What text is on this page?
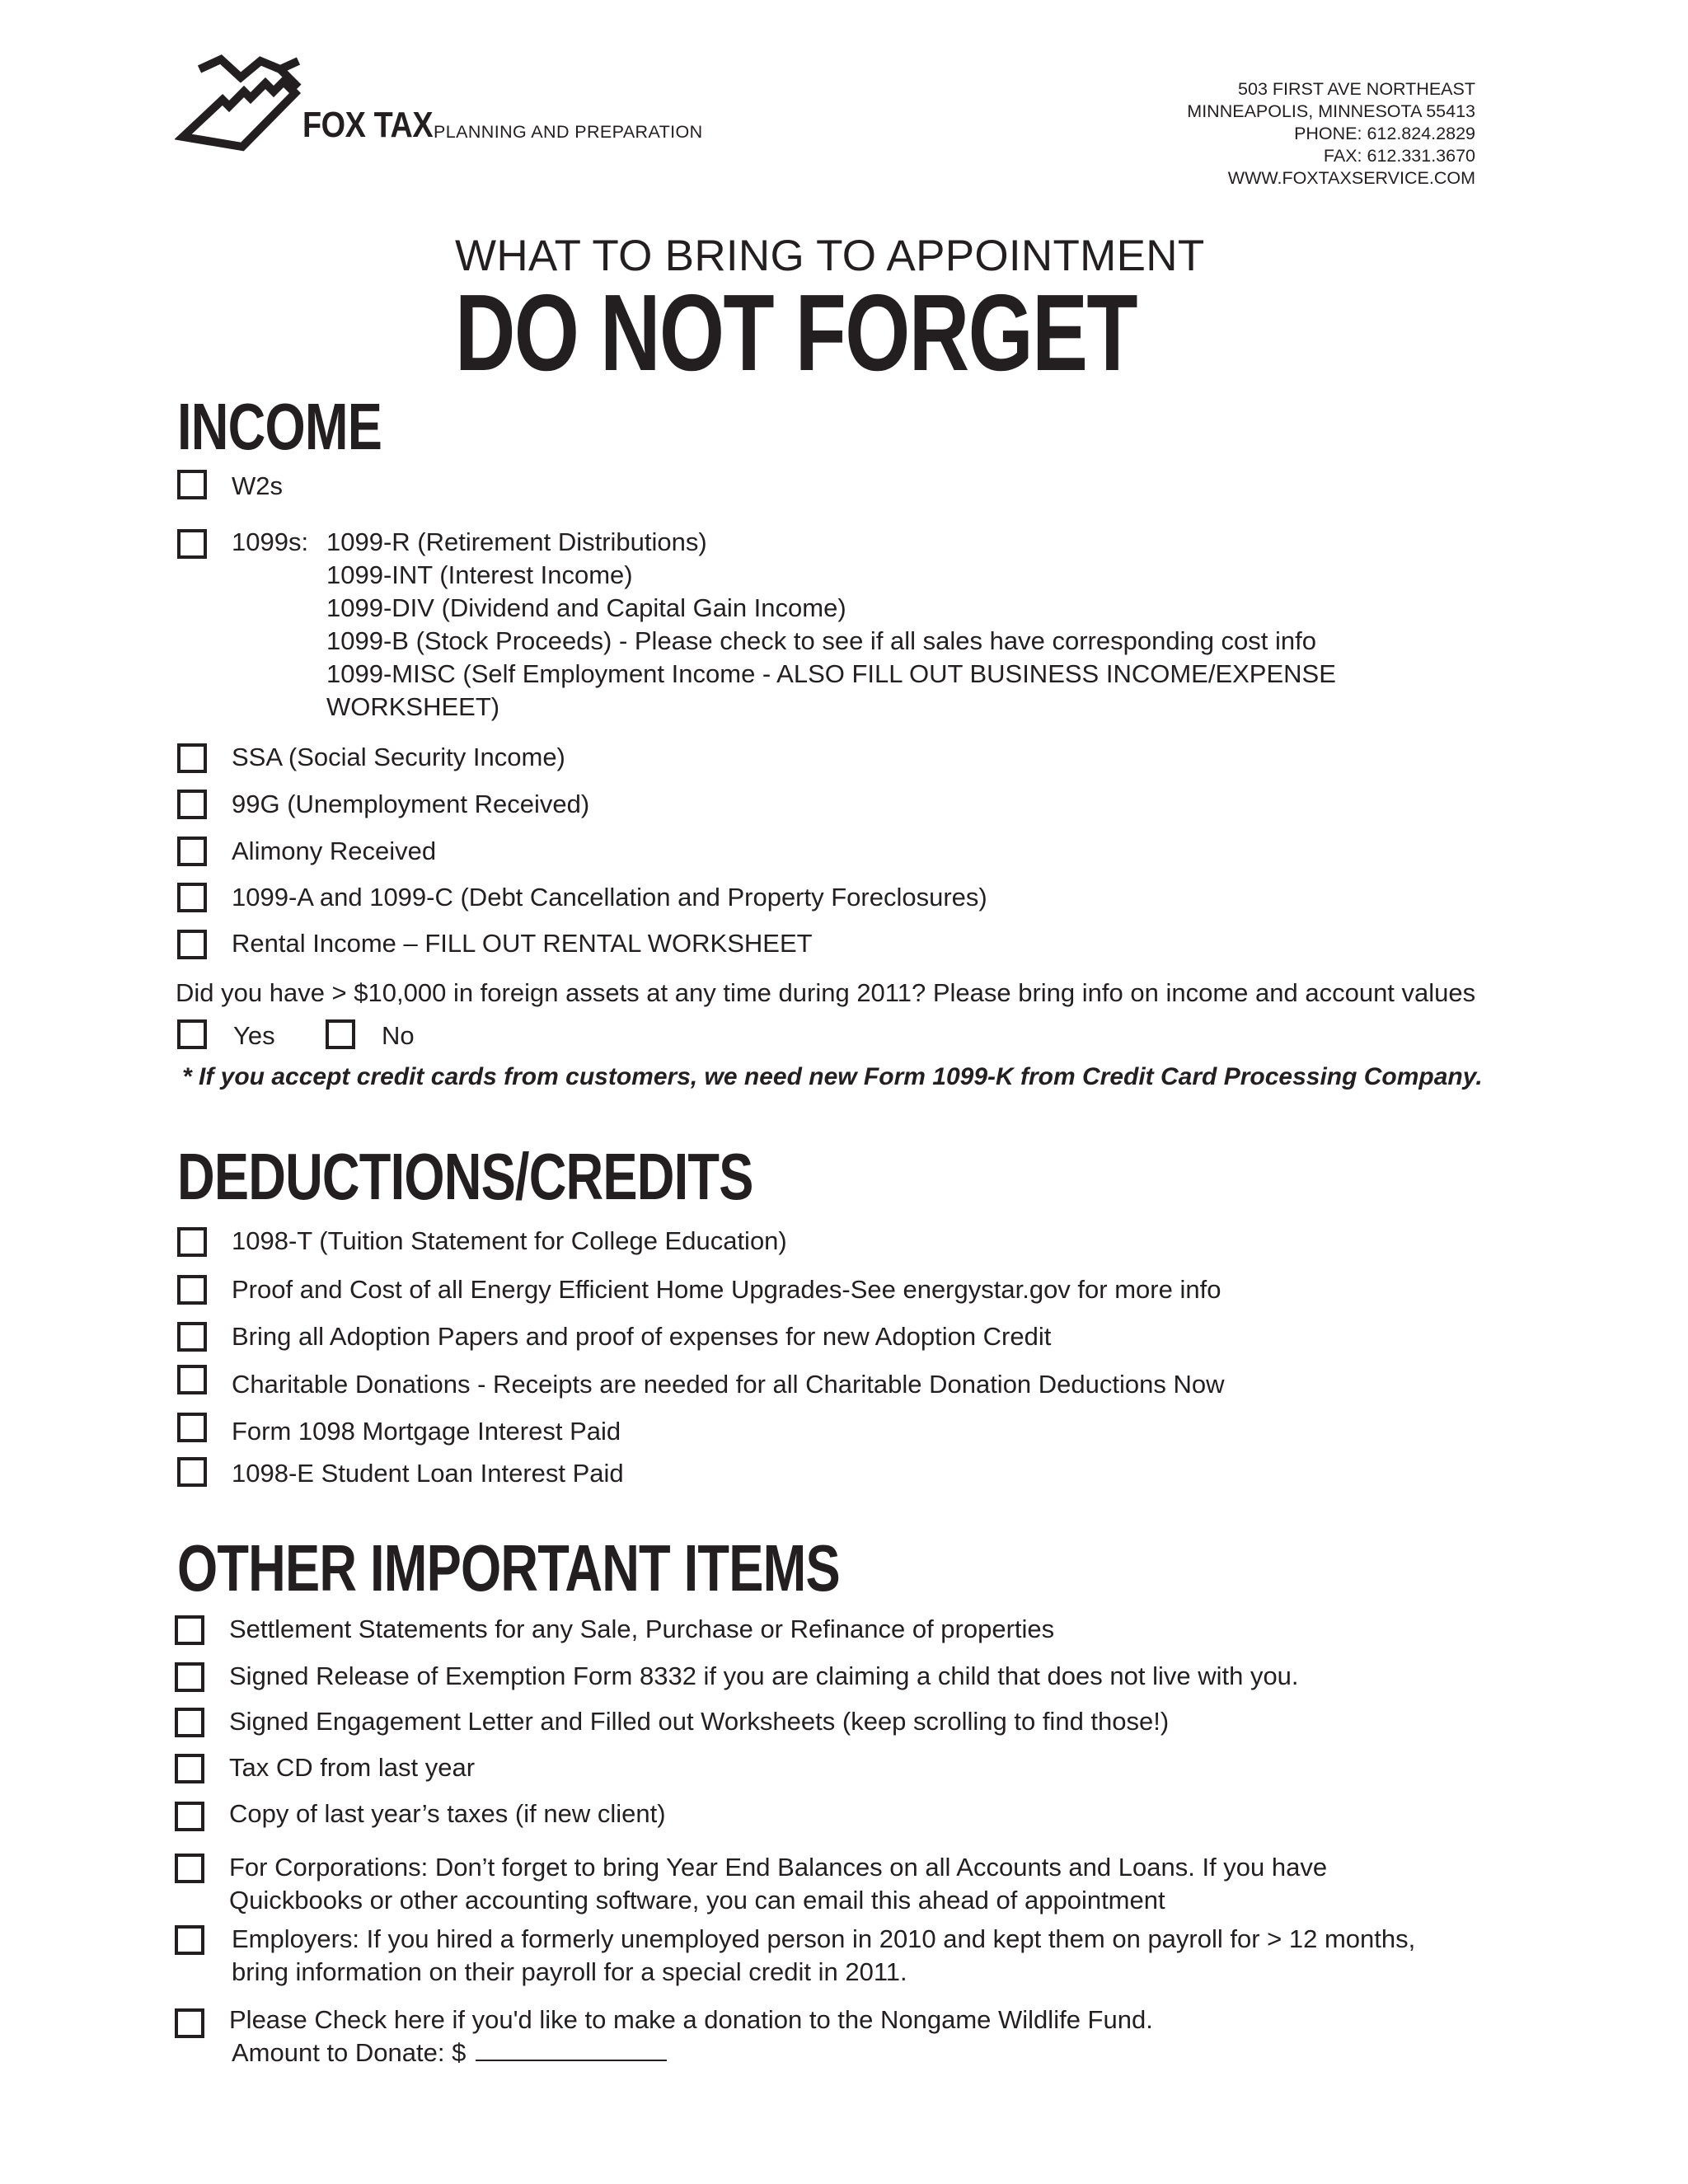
FOX TAX PLANNING AND PREPARATION
503 FIRST AVE NORTHEAST
MINNEAPOLIS, MINNESOTA 55413
PHONE: 612.824.2829
FAX: 612.331.3670
WWW.FOXTAXSERVICE.COM
WHAT TO BRING TO APPOINTMENT
DO NOT FORGET
INCOME
W2s
1099s: 1099-R (Retirement Distributions)
1099-INT (Interest Income)
1099-DIV (Dividend and Capital Gain Income)
1099-B (Stock Proceeds) - Please check to see if all sales have corresponding cost info
1099-MISC (Self Employment Income - ALSO FILL OUT BUSINESS INCOME/EXPENSE
WORKSHEET)
SSA (Social Security Income)
99G (Unemployment Received)
Alimony Received
1099-A and 1099-C (Debt Cancellation and Property Foreclosures)
Rental Income – FILL OUT RENTAL WORKSHEET
Did you have > $10,000 in foreign assets at any time during 2011? Please bring info on income and account values
Yes	No
* If you accept credit cards from customers, we need new Form 1099-K from Credit Card Processing Company.
DEDUCTIONS/CREDITS
1098-T (Tuition Statement for College Education)
Proof and Cost of all Energy Efficient Home Upgrades-See energystar.gov for more info
Bring all Adoption Papers and proof of expenses for new Adoption Credit
Charitable Donations - Receipts are needed for all Charitable Donation Deductions Now
Form 1098 Mortgage Interest Paid
1098-E Student Loan Interest Paid
OTHER IMPORTANT ITEMS
Settlement Statements for any Sale, Purchase or Refinance of properties
Signed Release of Exemption Form 8332 if you are claiming a child that does not live with you.
Signed Engagement Letter and Filled out Worksheets (keep scrolling to find those!)
Tax CD from last year
Copy of last year’s taxes (if new client)
For Corporations: Don’t forget to bring Year End Balances on all Accounts and Loans. If you have
Quickbooks or other accounting software, you can email this ahead of appointment
Employers: If you hired a formerly unemployed person in 2010 and kept them on payroll for > 12 months,
bring information on their payroll for a special credit in 2011.
Please Check here if you'd like to make a donation to the Nongame Wildlife Fund.
Amount to Donate: $
